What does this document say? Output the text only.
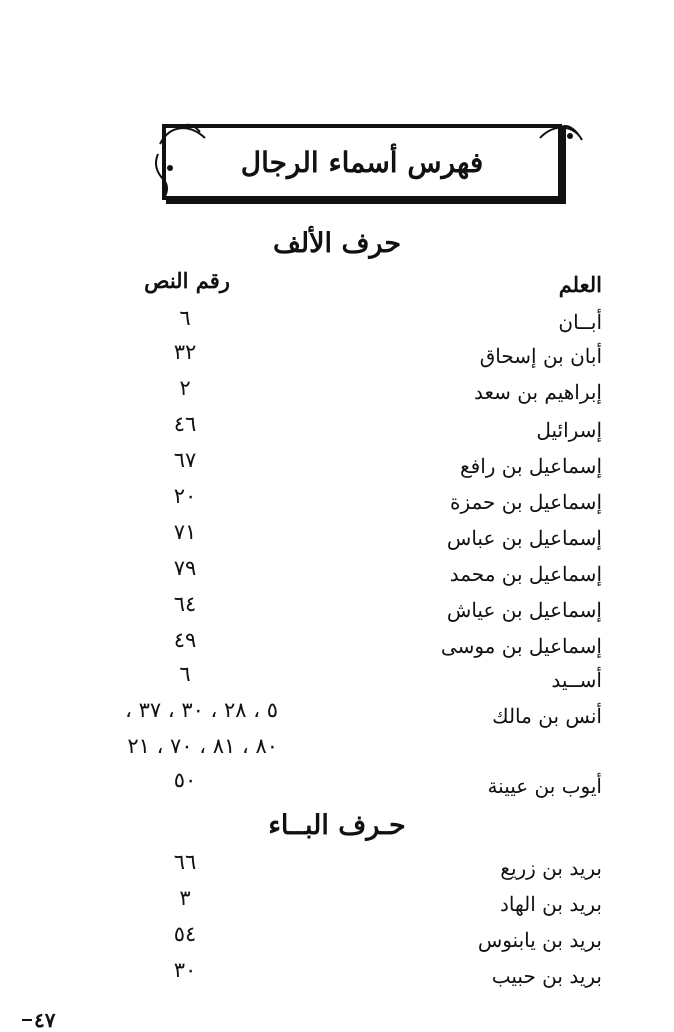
فهرس أسماء الرجال
حرف الألف
العلم
رقم النص
أبــان
٦
أبان بن إسحاق
٣٢
إبراهيم بن سعد
٢
إسرائيل
٤٦
إسماعيل بن رافع
٦٧
إسماعيل بن حمزة
٢٠
إسماعيل بن عباس
٧١
إسماعيل بن محمد
٧٩
إسماعيل بن عياش
٦٤
إسماعيل بن موسى
٤٩
أســيد
٦
أنس بن مالك
٥ ، ٢٨ ، ٣٠ ، ٣٧ ،
٨٠ ، ٨١ ، ٧٠ ، ٢١
أيوب بن عيينة
٥٠
حـرف البــاء
بريد بن زريع
٦٦
بريد بن الهاد
٣
بريد بن يابنوس
٥٤
بريد بن حبيب
٣٠
٤٧
